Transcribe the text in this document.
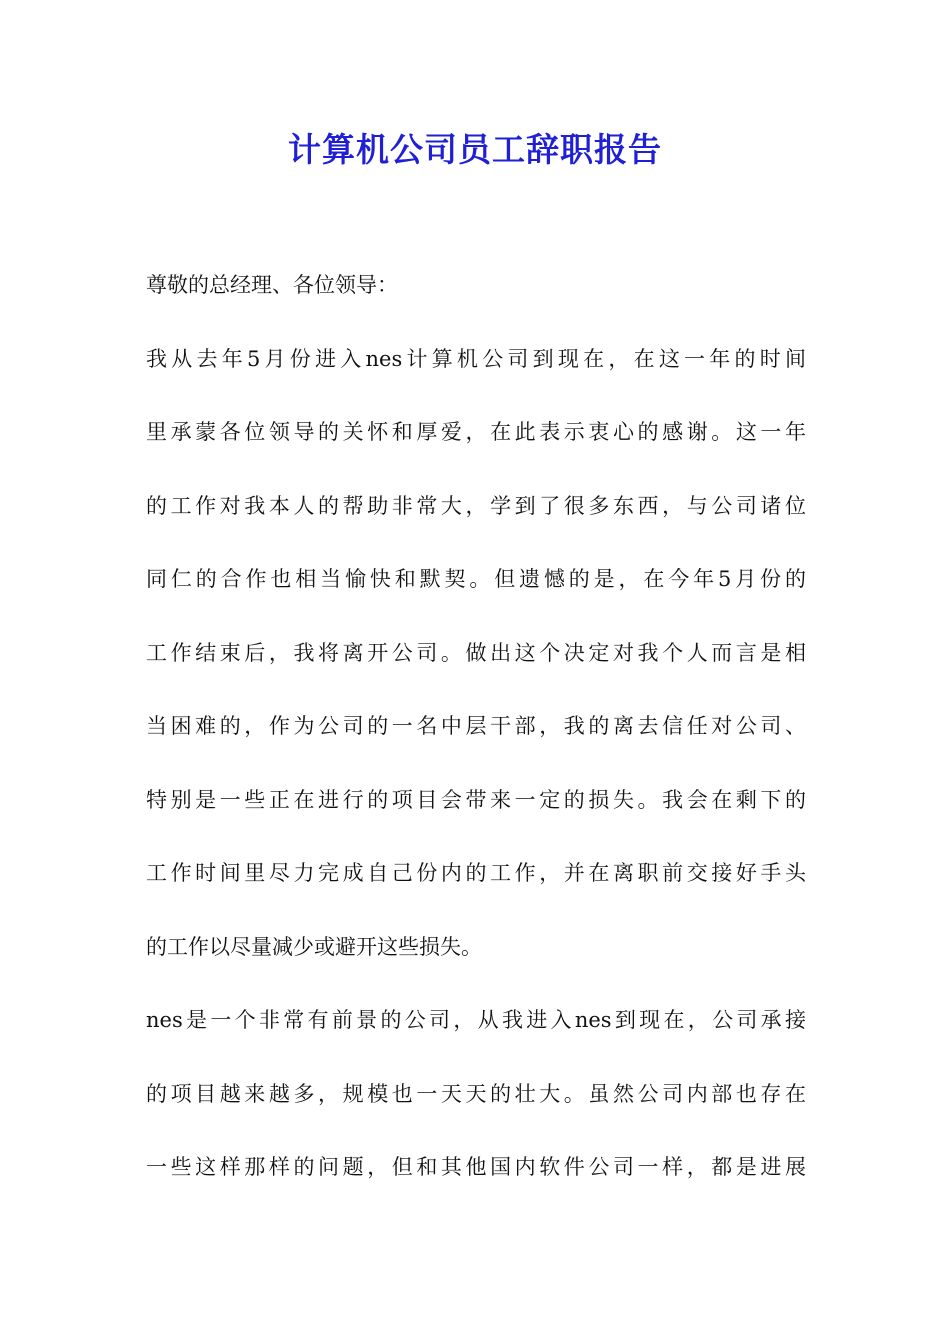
计算机公司员工辞职报告
尊敬的总经理、各位领导：
我从去年5月份进入nes计算机公司到现在，在这一年的时间
里承蒙各位领导的关怀和厚爱，在此表示衷心的感谢。这一年
的工作对我本人的帮助非常大，学到了很多东西，与公司诸位
同仁的合作也相当愉快和默契。但遗憾的是，在今年5月份的
工作结束后，我将离开公司。做出这个决定对我个人而言是相
当困难的，作为公司的一名中层干部，我的离去信任对公司、
特别是一些正在进行的项目会带来一定的损失。我会在剩下的
工作时间里尽力完成自己份内的工作，并在离职前交接好手头
的工作以尽量减少或避开这些损失。
nes是一个非常有前景的公司，从我进入nes到现在，公司承接
的项目越来越多，规模也一天天的壮大。虽然公司内部也存在
一些这样那样的问题，但和其他国内软件公司一样，都是进展
